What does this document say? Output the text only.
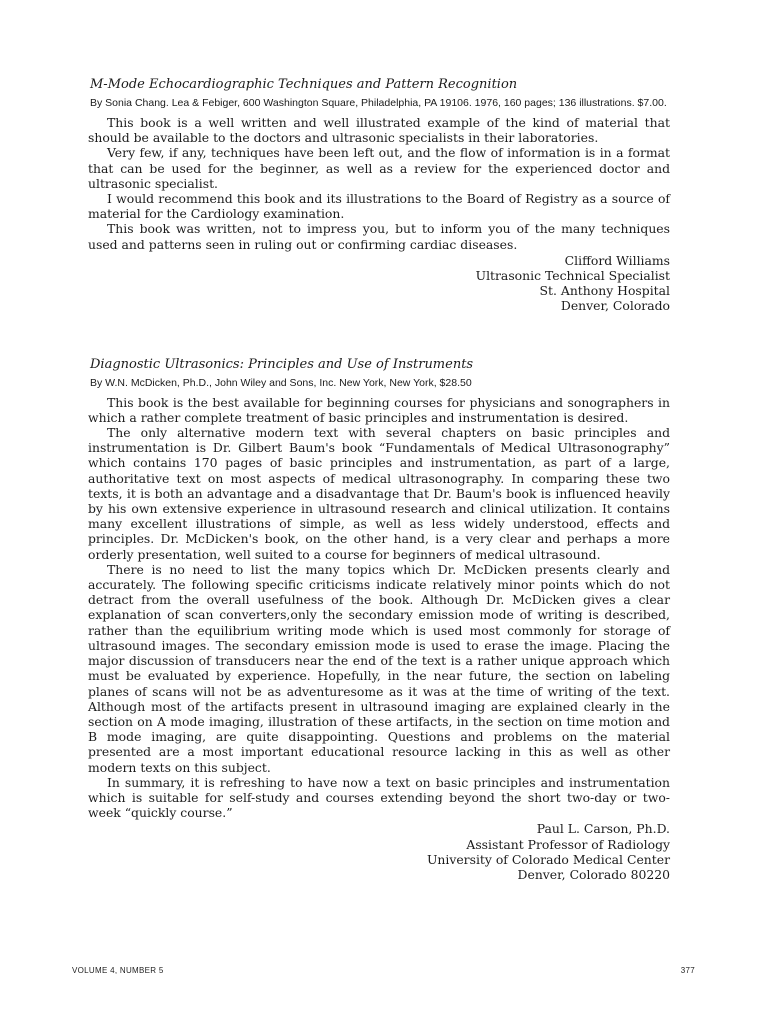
M-Mode Echocardiographic Techniques and Pattern Recognition
By Sonia Chang. Lea & Febiger, 600 Washington Square, Philadelphia, PA 19106. 1976, 160 pages; 136 illustrations. $7.00.

This book is a well written and well illustrated example of the kind of material that should be available to the doctors and ultrasonic specialists in their laboratories.

Very few, if any, techniques have been left out, and the flow of information is in a format that can be used for the beginner, as well as a review for the experienced doctor and ultrasonic specialist.

I would recommend this book and its illustrations to the Board of Registry as a source of material for the Cardiology examination.

This book was written, not to impress you, but to inform you of the many techniques used and patterns seen in ruling out or confirming cardiac diseases.

Clifford Williams
Ultrasonic Technical Specialist
St. Anthony Hospital
Denver, Colorado
Diagnostic Ultrasonics: Principles and Use of Instruments
By W.N. McDicken, Ph.D., John Wiley and Sons, Inc. New York, New York, $28.50

This book is the best available for beginning courses for physicians and sonographers in which a rather complete treatment of basic principles and instrumentation is desired.

The only alternative modern text with several chapters on basic principles and instrumentation is Dr. Gilbert Baum's book “Fundamentals of Medical Ultrasonography” which contains 170 pages of basic principles and instrumentation, as part of a large, authoritative text on most aspects of medical ultrasonography. In comparing these two texts, it is both an advantage and a disadvantage that Dr. Baum's book is influenced heavily by his own extensive experience in ultrasound research and clinical utilization. It contains many excellent illustrations of simple, as well as less widely understood, effects and principles. Dr. McDicken's book, on the other hand, is a very clear and perhaps a more orderly presentation, well suited to a course for beginners of medical ultrasound.

There is no need to list the many topics which Dr. McDicken presents clearly and accurately. The following specific criticisms indicate relatively minor points which do not detract from the overall usefulness of the book. Although Dr. McDicken gives a clear explanation of scan converters,only the secondary emission mode of writing is described, rather than the equilibrium writing mode which is used most commonly for storage of ultrasound images. The secondary emission mode is used to erase the image. Placing the major discussion of transducers near the end of the text is a rather unique approach which must be evaluated by experience. Hopefully, in the near future, the section on labeling planes of scans will not be as adventuresome as it was at the time of writing of the text. Although most of the artifacts present in ultrasound imaging are explained clearly in the section on A mode imaging, illustration of these artifacts, in the section on time motion and B mode imaging, are quite disappointing. Questions and problems on the material presented are a most important educational resource lacking in this as well as other modern texts on this subject.

In summary, it is refreshing to have now a text on basic principles and instrumentation which is suitable for self-study and courses extending beyond the short two-day or two-week “quickly course.”

Paul L. Carson, Ph.D.
Assistant Professor of Radiology
University of Colorado Medical Center
Denver, Colorado 80220
VOLUME 4, NUMBER 5	377
